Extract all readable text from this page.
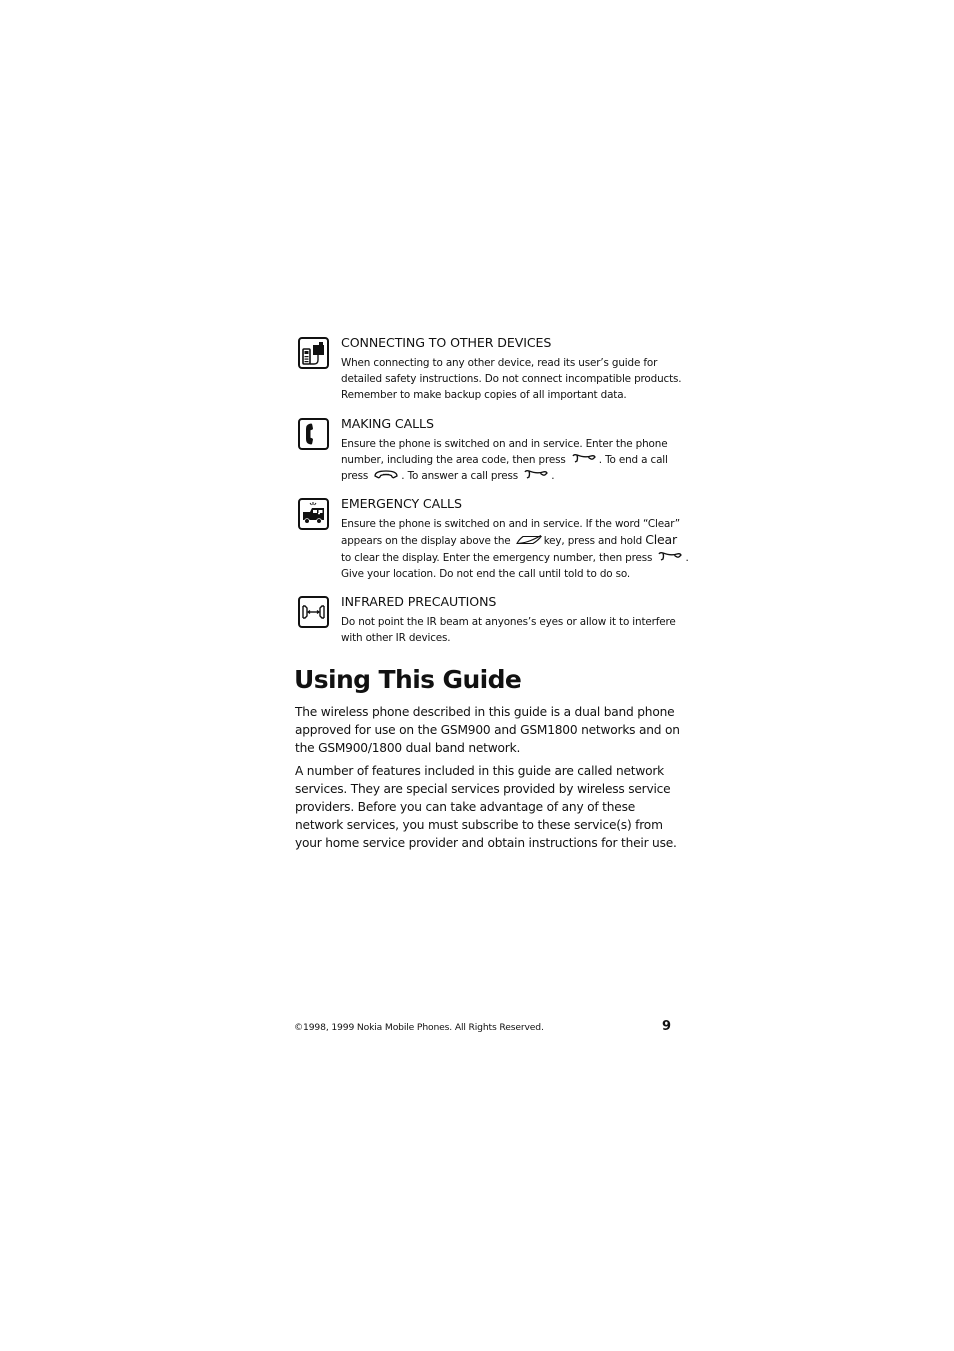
CONNECTING TO OTHER DEVICES

When connecting to any other device, read its user’s guide for
detailed safety instructions. Do not connect incompatible products.
Remember to make backup copies of all important data.

MAKING CALLS

Ensure the phone is switched on and in service. Enter the phone
number, including the area code, then press	. To end a call
press	. To answer a call press	.

EMERGENCY CALLS

Ensure the phone is switched on and in service. If the word “Clear”
appears on the display above the	key, press and hold Clear
to clear the display. Enter the emergency number, then press	.
Give your location. Do not end the call until told to do so.

INFRARED PRECAUTIONS

Do not point the IR beam at anyones’s eyes or allow it to interfere
with other IR devices.

Using This Guide

The wireless phone described in this guide is a dual band phone approved for use on the GSM900 and GSM1800 networks and on the GSM900/1800 dual band network.

A number of features included in this guide are called network services. They are special services provided by wireless service providers. Before you can take advantage of any of these network services, you must subscribe to these service(s) from your home service provider and obtain instructions for their use.

©1998, 1999 Nokia Mobile Phones. All Rights Reserved.	9
